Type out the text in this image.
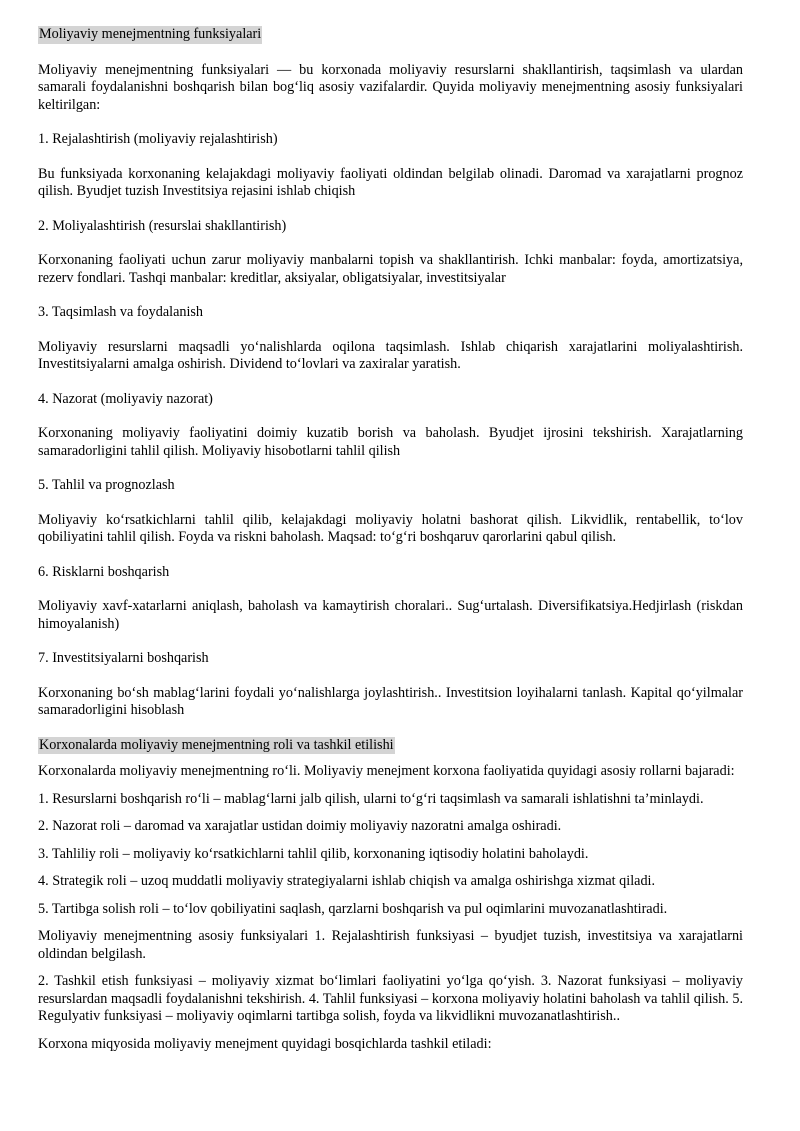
Moliyaviy menejmentning funksiyalari

Moliyaviy menejmentning funksiyalari — bu korxonada moliyaviy resurslarni shakllantirish, taqsimlash va ulardan samarali foydalanishni boshqarish bilan bog‘liq asosiy vazifalardir. Quyida moliyaviy menejmentning asosiy funksiyalari keltirilgan:

1. Rejalashtirish (moliyaviy rejalashtirish)

Bu funksiyada korxonaning kelajakdagi moliyaviy faoliyati oldindan belgilab olinadi. Daromad va xarajatlarni prognoz qilish. Byudjet tuzish Investitsiya rejasini ishlab chiqish

2. Moliyalashtirish (resurslai shakllantirish)

Korxonaning faoliyati uchun zarur moliyaviy manbalarni topish va shakllantirish. Ichki manbalar: foyda, amortizatsiya, rezerv fondlari. Tashqi manbalar: kreditlar, aksiyalar, obligatsiyalar, investitsiyalar

3. Taqsimlash va foydalanish

Moliyaviy resurslarni maqsadli yo‘nalishlarda oqilona taqsimlash. Ishlab chiqarish xarajatlarini moliyalashtirish. Investitsiyalarni amalga oshirish. Dividend to‘lovlari va zaxiralar yaratish.

4. Nazorat (moliyaviy nazorat)

Korxonaning moliyaviy faoliyatini doimiy kuzatib borish va baholash. Byudjet ijrosini tekshirish. Xarajatlarning samaradorligini tahlil qilish. Moliyaviy hisobotlarni tahlil qilish

5. Tahlil va prognozlash

Moliyaviy ko‘rsatkichlarni tahlil qilib, kelajakdagi moliyaviy holatni bashorat qilish. Likvidlik, rentabellik, to‘lov qobiliyatini tahlil qilish. Foyda va riskni baholash. Maqsad: to‘g‘ri boshqaruv qarorlarini qabul qilish.

6. Risklarni boshqarish

Moliyaviy xavf-xatarlarni aniqlash, baholash va kamaytirish choralari.. Sug‘urtalash. Diversifikatsiya.Hedjirlash (riskdan himoyalanish)

7. Investitsiyalarni boshqarish

Korxonaning bo‘sh mablag‘larini foydali yo‘nalishlarga joylashtirish.. Investitsion loyihalarni tanlash. Kapital qo‘yilmalar samaradorligini hisoblash

Korxonalarda moliyaviy menejmentning roli va tashkil etilishi

Korxonalarda moliyaviy menejmentning ro‘li. Moliyaviy menejment korxona faoliyatida quyidagi asosiy rollarni bajaradi:

1. Resurslarni boshqarish ro‘li – mablag‘larni jalb qilish, ularni to‘g‘ri taqsimlash va samarali ishlatishni ta’minlaydi.

2. Nazorat roli – daromad va xarajatlar ustidan doimiy moliyaviy nazoratni amalga oshiradi.

3. Tahliliy roli – moliyaviy ko‘rsatkichlarni tahlil qilib, korxonaning iqtisodiy holatini baholaydi.

4. Strategik roli – uzoq muddatli moliyaviy strategiyalarni ishlab chiqish va amalga oshirishga xizmat qiladi.

5. Tartibga solish roli – to‘lov qobiliyatini saqlash, qarzlarni boshqarish va pul oqimlarini muvozanatlashtiradi.

Moliyaviy menejmentning asosiy funksiyalari 1. Rejalashtirish funksiyasi – byudjet tuzish, investitsiya va xarajatlarni oldindan belgilash.

2. Tashkil etish funksiyasi – moliyaviy xizmat bo‘limlari faoliyatini yo‘lga qo‘yish. 3. Nazorat funksiyasi – moliyaviy resurslardan maqsadli foydalanishni tekshirish. 4. Tahlil funksiyasi – korxona moliyaviy holatini baholash va tahlil qilish. 5. Regulyativ funksiyasi – moliyaviy oqimlarni tartibga solish, foyda va likvidlikni muvozanatlashtirish..

Korxona miqyosida moliyaviy menejment quyidagi bosqichlarda tashkil etiladi:
